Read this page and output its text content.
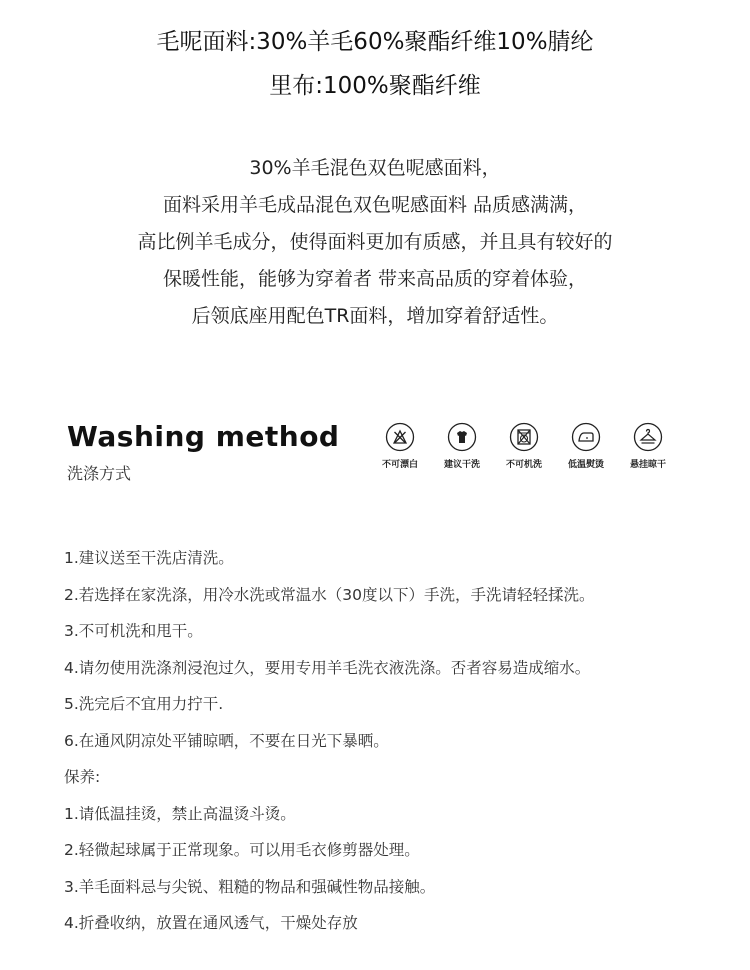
毛呢面料:30%羊毛60%聚酯纤维10%腈纶
里布:100%聚酯纤维
30%羊毛混色双色呢感面料，
面料采用羊毛成品混色双色呢感面料 品质感满满，
高比例羊毛成分，使得面料更加有质感，并且具有较好的
保暖性能，能够为穿着者 带来高品质的穿着体验，
后领底座用配色TR面料，增加穿着舒适性。
Washing method
洗涤方式	不可漂白	建议干洗	不可机洗	低温熨烫	悬挂晾干
1.建议送至干洗店清洗。
2.若选择在家洗涤，用冷水洗或常温水（30度以下）手洗，手洗请轻轻揉洗。
3.不可机洗和甩干。
4.请勿使用洗涤剂浸泡过久，要用专用羊毛洗衣液洗涤。否者容易造成缩水。
5.洗完后不宜用力拧干.
6.在通风阴凉处平铺晾晒，不要在日光下暴晒。
保养:
1.请低温挂烫，禁止高温烫斗烫。
2.轻微起球属于正常现象。可以用毛衣修剪器处理。
3.羊毛面料忌与尖锐、粗糙的物品和强碱性物品接触。
4.折叠收纳，放置在通风透气，干燥处存放
